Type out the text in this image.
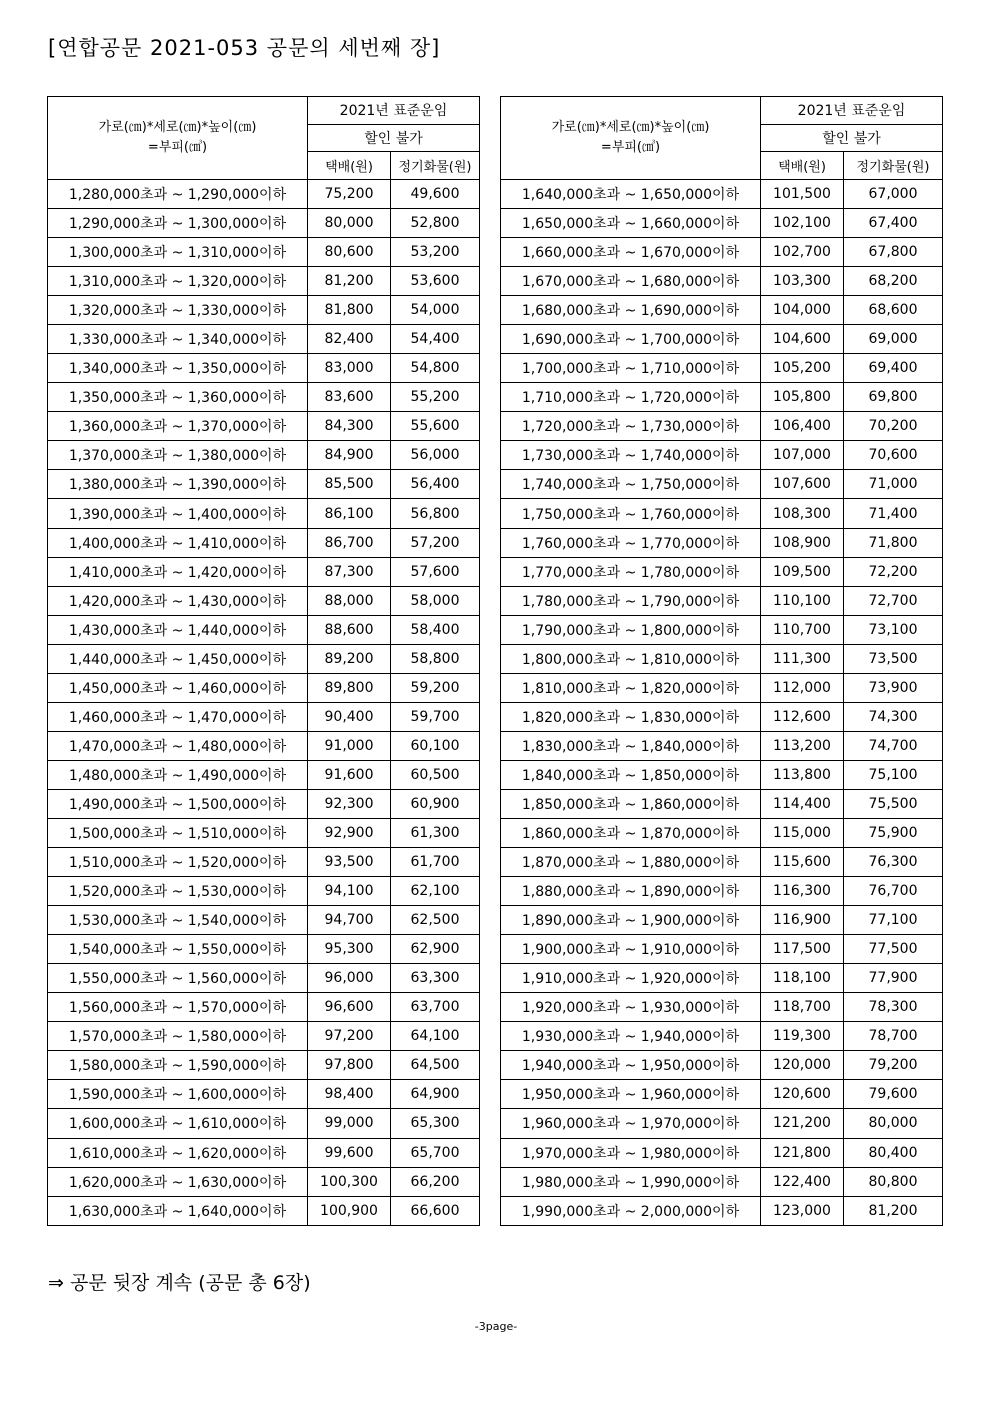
[연합공문 2021-053 공문의 세번째 장]
가로(㎝)*세로(㎝)*높이(㎝)
=부피(㎤)	2021년 표준운임	
	할인 불가	
	택배(원)	정기화물(원)
1,280,000초과 ~ 1,290,000이하	75,200	49,600
1,290,000초과 ~ 1,300,000이하	80,000	52,800
1,300,000초과 ~ 1,310,000이하	80,600	53,200
1,310,000초과 ~ 1,320,000이하	81,200	53,600
1,320,000초과 ~ 1,330,000이하	81,800	54,000
1,330,000초과 ~ 1,340,000이하	82,400	54,400
1,340,000초과 ~ 1,350,000이하	83,000	54,800
1,350,000초과 ~ 1,360,000이하	83,600	55,200
1,360,000초과 ~ 1,370,000이하	84,300	55,600
1,370,000초과 ~ 1,380,000이하	84,900	56,000
1,380,000초과 ~ 1,390,000이하	85,500	56,400
1,390,000초과 ~ 1,400,000이하	86,100	56,800
1,400,000초과 ~ 1,410,000이하	86,700	57,200
1,410,000초과 ~ 1,420,000이하	87,300	57,600
1,420,000초과 ~ 1,430,000이하	88,000	58,000
1,430,000초과 ~ 1,440,000이하	88,600	58,400
1,440,000초과 ~ 1,450,000이하	89,200	58,800
1,450,000초과 ~ 1,460,000이하	89,800	59,200
1,460,000초과 ~ 1,470,000이하	90,400	59,700
1,470,000초과 ~ 1,480,000이하	91,000	60,100
1,480,000초과 ~ 1,490,000이하	91,600	60,500
1,490,000초과 ~ 1,500,000이하	92,300	60,900
1,500,000초과 ~ 1,510,000이하	92,900	61,300
1,510,000초과 ~ 1,520,000이하	93,500	61,700
1,520,000초과 ~ 1,530,000이하	94,100	62,100
1,530,000초과 ~ 1,540,000이하	94,700	62,500
1,540,000초과 ~ 1,550,000이하	95,300	62,900
1,550,000초과 ~ 1,560,000이하	96,000	63,300
1,560,000초과 ~ 1,570,000이하	96,600	63,700
1,570,000초과 ~ 1,580,000이하	97,200	64,100
1,580,000초과 ~ 1,590,000이하	97,800	64,500
1,590,000초과 ~ 1,600,000이하	98,400	64,900
1,600,000초과 ~ 1,610,000이하	99,000	65,300
1,610,000초과 ~ 1,620,000이하	99,600	65,700
1,620,000초과 ~ 1,630,000이하	100,300	66,200
1,630,000초과 ~ 1,640,000이하	100,900	66,600
가로(㎝)*세로(㎝)*높이(㎝)
=부피(㎤)	2021년 표준운임	
	할인 불가	
	택배(원)	정기화물(원)
1,640,000초과 ~ 1,650,000이하	101,500	67,000
1,650,000초과 ~ 1,660,000이하	102,100	67,400
1,660,000초과 ~ 1,670,000이하	102,700	67,800
1,670,000초과 ~ 1,680,000이하	103,300	68,200
1,680,000초과 ~ 1,690,000이하	104,000	68,600
1,690,000초과 ~ 1,700,000이하	104,600	69,000
1,700,000초과 ~ 1,710,000이하	105,200	69,400
1,710,000초과 ~ 1,720,000이하	105,800	69,800
1,720,000초과 ~ 1,730,000이하	106,400	70,200
1,730,000초과 ~ 1,740,000이하	107,000	70,600
1,740,000초과 ~ 1,750,000이하	107,600	71,000
1,750,000초과 ~ 1,760,000이하	108,300	71,400
1,760,000초과 ~ 1,770,000이하	108,900	71,800
1,770,000초과 ~ 1,780,000이하	109,500	72,200
1,780,000초과 ~ 1,790,000이하	110,100	72,700
1,790,000초과 ~ 1,800,000이하	110,700	73,100
1,800,000초과 ~ 1,810,000이하	111,300	73,500
1,810,000초과 ~ 1,820,000이하	112,000	73,900
1,820,000초과 ~ 1,830,000이하	112,600	74,300
1,830,000초과 ~ 1,840,000이하	113,200	74,700
1,840,000초과 ~ 1,850,000이하	113,800	75,100
1,850,000초과 ~ 1,860,000이하	114,400	75,500
1,860,000초과 ~ 1,870,000이하	115,000	75,900
1,870,000초과 ~ 1,880,000이하	115,600	76,300
1,880,000초과 ~ 1,890,000이하	116,300	76,700
1,890,000초과 ~ 1,900,000이하	116,900	77,100
1,900,000초과 ~ 1,910,000이하	117,500	77,500
1,910,000초과 ~ 1,920,000이하	118,100	77,900
1,920,000초과 ~ 1,930,000이하	118,700	78,300
1,930,000초과 ~ 1,940,000이하	119,300	78,700
1,940,000초과 ~ 1,950,000이하	120,000	79,200
1,950,000초과 ~ 1,960,000이하	120,600	79,600
1,960,000초과 ~ 1,970,000이하	121,200	80,000
1,970,000초과 ~ 1,980,000이하	121,800	80,400
1,980,000초과 ~ 1,990,000이하	122,400	80,800
1,990,000초과 ~ 2,000,000이하	123,000	81,200
⇒ 공문 뒷장 계속 (공문 총 6장)
-3page-
